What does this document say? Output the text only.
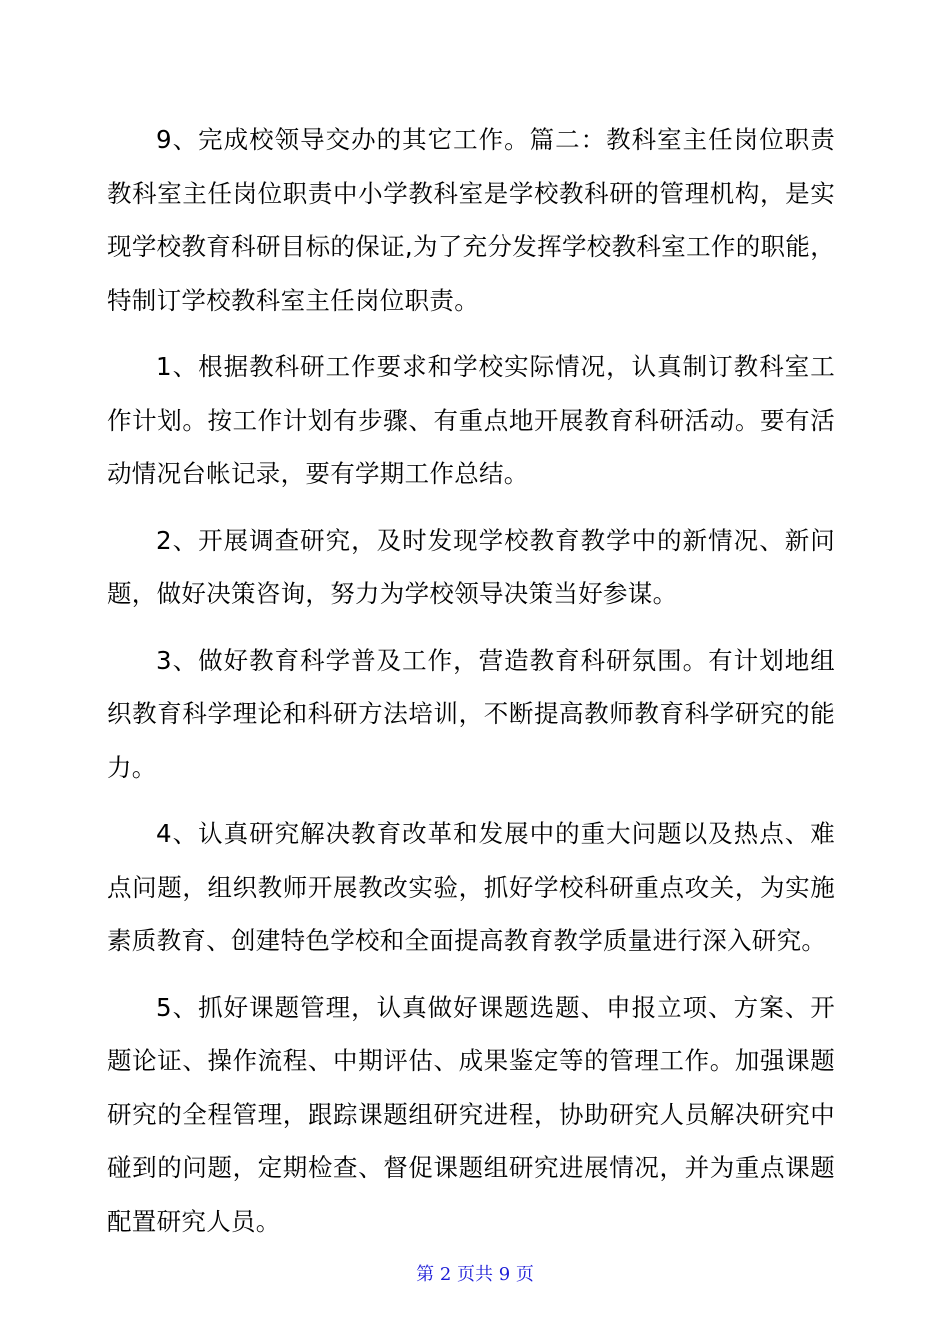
9、完成校领导交办的其它工作。篇二：教科室主任岗位职责教科室主任岗位职责中小学教科室是学校教科研的管理机构，是实现学校教育科研目标的保证,为了充分发挥学校教科室工作的职能，特制订学校教科室主任岗位职责。

1、根据教科研工作要求和学校实际情况，认真制订教科室工作计划。按工作计划有步骤、有重点地开展教育科研活动。要有活动情况台帐记录，要有学期工作总结。

2、开展调查研究，及时发现学校教育教学中的新情况、新问题，做好决策咨询，努力为学校领导决策当好参谋。

3、做好教育科学普及工作，营造教育科研氛围。有计划地组织教育科学理论和科研方法培训，不断提高教师教育科学研究的能力。

4、认真研究解决教育改革和发展中的重大问题以及热点、难点问题，组织教师开展教改实验，抓好学校科研重点攻关，为实施素质教育、创建特色学校和全面提高教育教学质量进行深入研究。

5、抓好课题管理，认真做好课题选题、申报立项、方案、开题论证、操作流程、中期评估、成果鉴定等的管理工作。加强课题研究的全程管理，跟踪课题组研究进程，协助研究人员解决研究中碰到的问题，定期检查、督促课题组研究进展情况，并为重点课题配置研究人员。

第 2 页共 9 页
